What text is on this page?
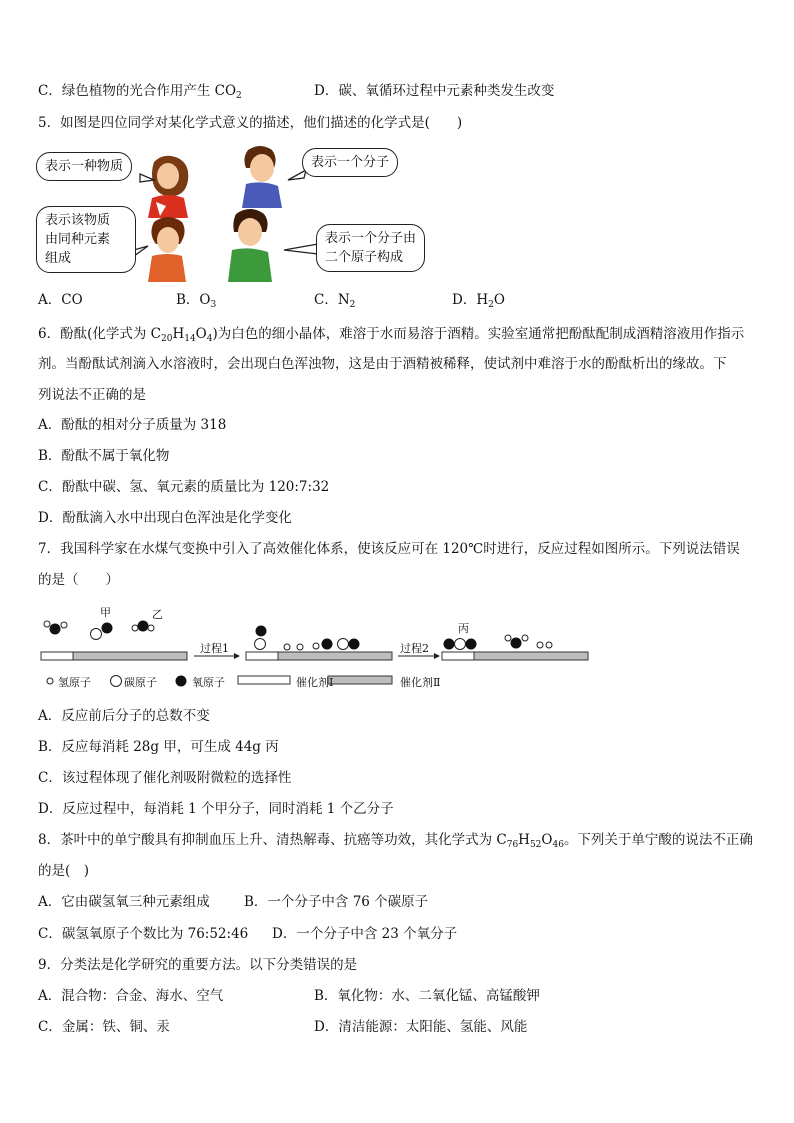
C．绿色植物的光合作用产生 $CO_2$	D．碳、氧循环过程中元素种类发生改变
5．如图是四位同学对某化学式意义的描述，他们描述的化学式是(　　)
表示一种物质	表示一个分子
表示该物质
由同种元素
组成
表示一个分子由
二个原子构成
A．CO	B．$O_3$	C．$N_2$	D．$H_2O$
6．酚酞(化学式为 $C_{20}H_{14}O_4$)为白色的细小晶体，难溶于水而易溶于酒精。实验室通常把酚酞配制成酒精溶液用作指示
剂。当酚酞试剂滴入水溶液时，会出现白色浑浊物，这是由于酒精被稀释，使试剂中难溶于水的酚酞析出的缘故。下
列说法不正确的是
A．酚酞的相对分子质量为 318
B．酚酞不属于氧化物
C．酚酞中碳、氢、氧元素的质量比为 120:7:32
D．酚酞滴入水中出现白色浑浊是化学变化
7．我国科学家在水煤气变换中引入了高效催化体系，使该反应可在 120℃时进行，反应过程如图所示。下列说法错误
的是（　　）
甲	乙
丙
过程1	过程2
氢原子	碳原子	氧原子	催化剂Ⅰ	催化剂Ⅱ
A．反应前后分子的总数不变
B．反应每消耗 28g 甲，可生成 44g 丙
C．该过程体现了催化剂吸附微粒的选择性
D．反应过程中，每消耗 1 个甲分子，同时消耗 1 个乙分子
8．茶叶中的单宁酸具有抑制血压上升、清热解毒、抗癌等功效，其化学式为 $C_{76}H_{52}O_{46}$。下列关于单宁酸的说法不正确
的是(　)
A．它由碳氢氧三种元素组成	B．一个分子中含 76 个碳原子
C．碳氢氧原子个数比为 76:52:46 D．一个分子中含 23 个氧分子
9．分类法是化学研究的重要方法。以下分类错误的是
A．混合物：合金、海水、空气	B．氧化物：水、二氧化锰、高锰酸钾
C．金属：铁、铜、汞	D．清洁能源：太阳能、氢能、风能
